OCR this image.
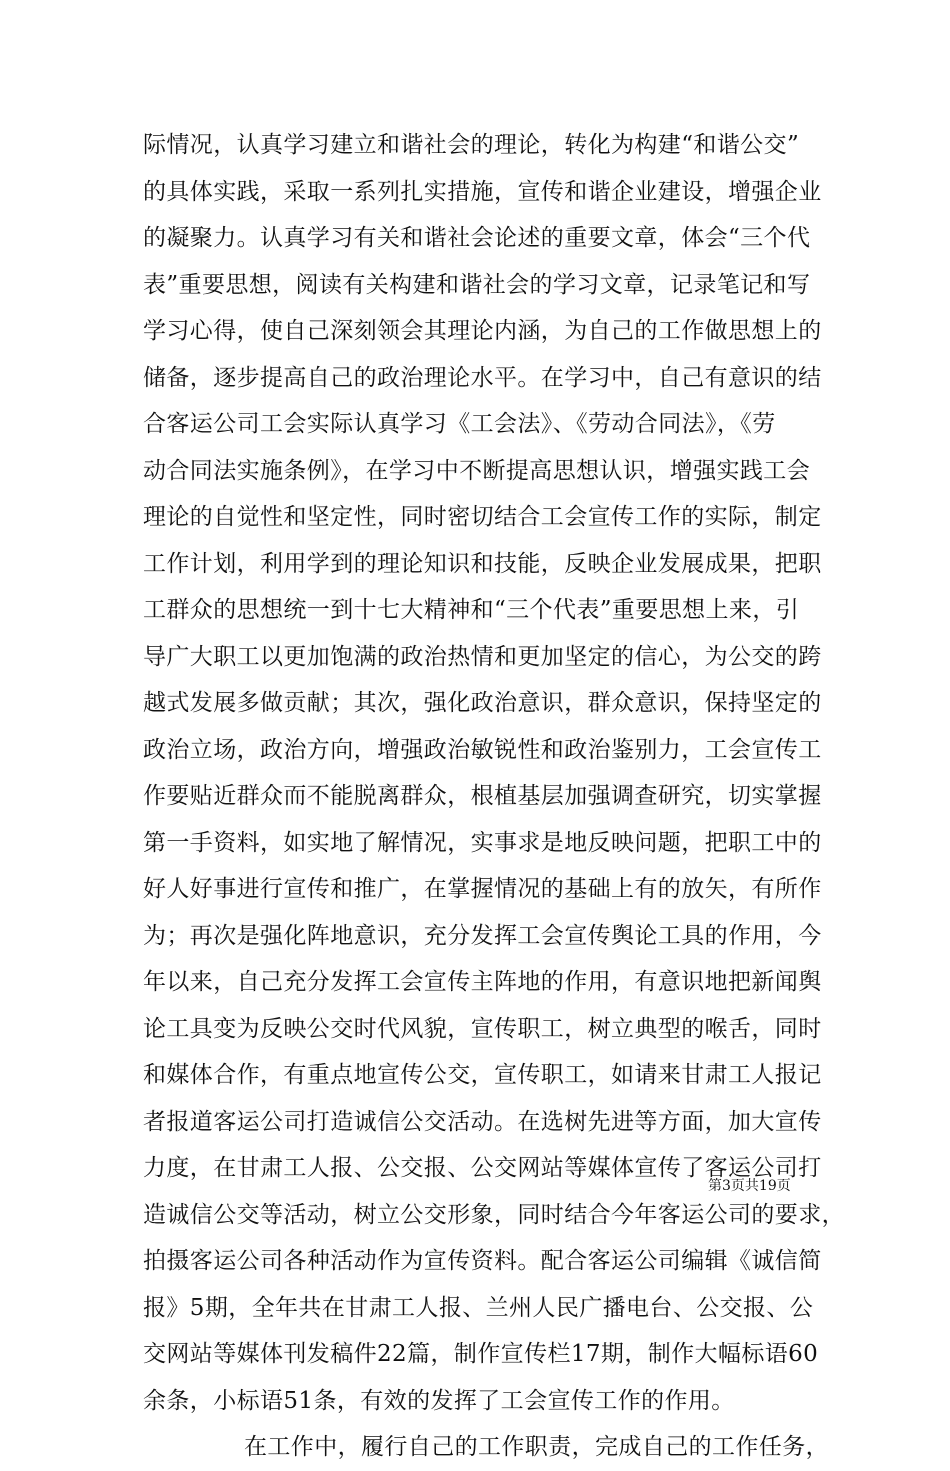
际情况，认真学习建立和谐社会的理论，转化为构建“和谐公交”
的具体实践，采取一系列扎实措施，宣传和谐企业建设，增强企业
的凝聚力。认真学习有关和谐社会论述的重要文章，体会“三个代
表”重要思想，阅读有关构建和谐社会的学习文章，记录笔记和写
学习心得，使自己深刻领会其理论内涵，为自己的工作做思想上的
储备，逐步提高自己的政治理论水平。在学习中，自己有意识的结
合客运公司工会实际认真学习《工会法》、《劳动合同法》，《劳
动合同法实施条例》，在学习中不断提高思想认识，增强实践工会
理论的自觉性和坚定性，同时密切结合工会宣传工作的实际，制定
工作计划，利用学到的理论知识和技能，反映企业发展成果，把职
工群众的思想统一到十七大精神和“三个代表”重要思想上来，引
导广大职工以更加饱满的政治热情和更加坚定的信心，为公交的跨
越式发展多做贡献；其次，强化政治意识，群众意识，保持坚定的
政治立场，政治方向，增强政治敏锐性和政治鉴别力，工会宣传工
作要贴近群众而不能脱离群众，根植基层加强调查研究，切实掌握
第一手资料，如实地了解情况，实事求是地反映问题，把职工中的
好人好事进行宣传和推广，在掌握情况的基础上有的放矢，有所作
为；再次是强化阵地意识，充分发挥工会宣传舆论工具的作用，今
年以来，自己充分发挥工会宣传主阵地的作用，有意识地把新闻舆
论工具变为反映公交时代风貌，宣传职工，树立典型的喉舌，同时
和媒体合作，有重点地宣传公交，宣传职工，如请来甘肃工人报记
者报道客运公司打造诚信公交活动。在选树先进等方面，加大宣传
力度，在甘肃工人报、公交报、公交网站等媒体宣传了客运公司打
造诚信公交等活动，树立公交形象，同时结合今年客运公司的要求，
拍摄客运公司各种活动作为宣传资料。配合客运公司编辑《诚信简
报》5期，全年共在甘肃工人报、兰州人民广播电台、公交报、公
交网站等媒体刊发稿件22篇，制作宣传栏17期，制作大幅标语60
余条，小标语51条，有效的发挥了工会宣传工作的作用。
在工作中，履行自己的工作职责，完成自己的工作任务，
第3页共19页
